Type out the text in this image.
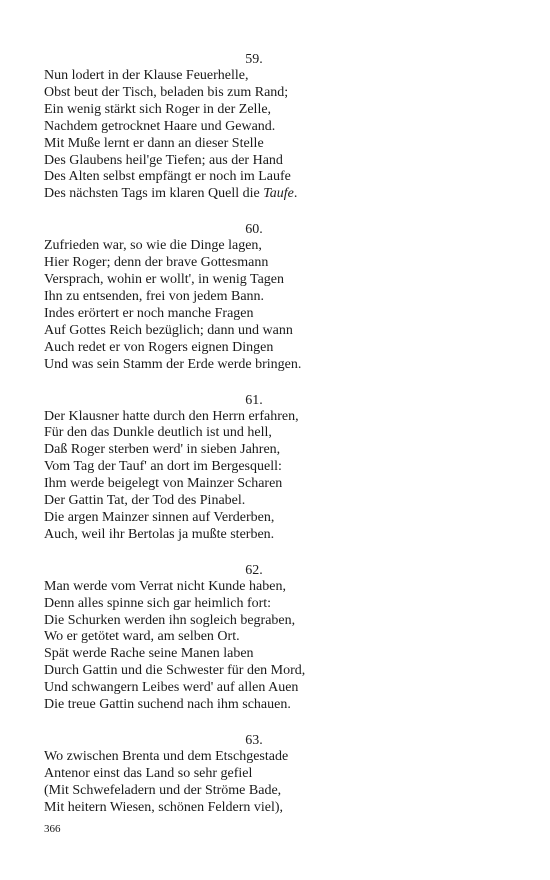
59.
Nun lodert in der Klause Feuerhelle,
Obst beut der Tisch, beladen bis zum Rand;
Ein wenig stärkt sich Roger in der Zelle,
Nachdem getrocknet Haare und Gewand.
Mit Muße lernt er dann an dieser Stelle
Des Glaubens heil'ge Tiefen; aus der Hand
Des Alten selbst empfängt er noch im Laufe
Des nächsten Tags im klaren Quell die Taufe.
60.
Zufrieden war, so wie die Dinge lagen,
Hier Roger; denn der brave Gottesmann
Versprach, wohin er wollt', in wenig Tagen
Ihn zu entsenden, frei von jedem Bann.
Indes erörtert er noch manche Fragen
Auf Gottes Reich bezüglich; dann und wann
Auch redet er von Rogers eignen Dingen
Und was sein Stamm der Erde werde bringen.
61.
Der Klausner hatte durch den Herrn erfahren,
Für den das Dunkle deutlich ist und hell,
Daß Roger sterben werd' in sieben Jahren,
Vom Tag der Tauf' an dort im Bergesquell:
Ihm werde beigelegt von Mainzer Scharen
Der Gattin Tat, der Tod des Pinabel.
Die argen Mainzer sinnen auf Verderben,
Auch, weil ihr Bertolas ja mußte sterben.
62.
Man werde vom Verrat nicht Kunde haben,
Denn alles spinne sich gar heimlich fort:
Die Schurken werden ihn sogleich begraben,
Wo er getötet ward, am selben Ort.
Spät werde Rache seine Manen laben
Durch Gattin und die Schwester für den Mord,
Und schwangern Leibes werd' auf allen Auen
Die treue Gattin suchend nach ihm schauen.
63.
Wo zwischen Brenta und dem Etschgestade
Antenor einst das Land so sehr gefiel
(Mit Schwefeladern und der Ströme Bade,
Mit heitern Wiesen, schönen Feldern viel),
366
